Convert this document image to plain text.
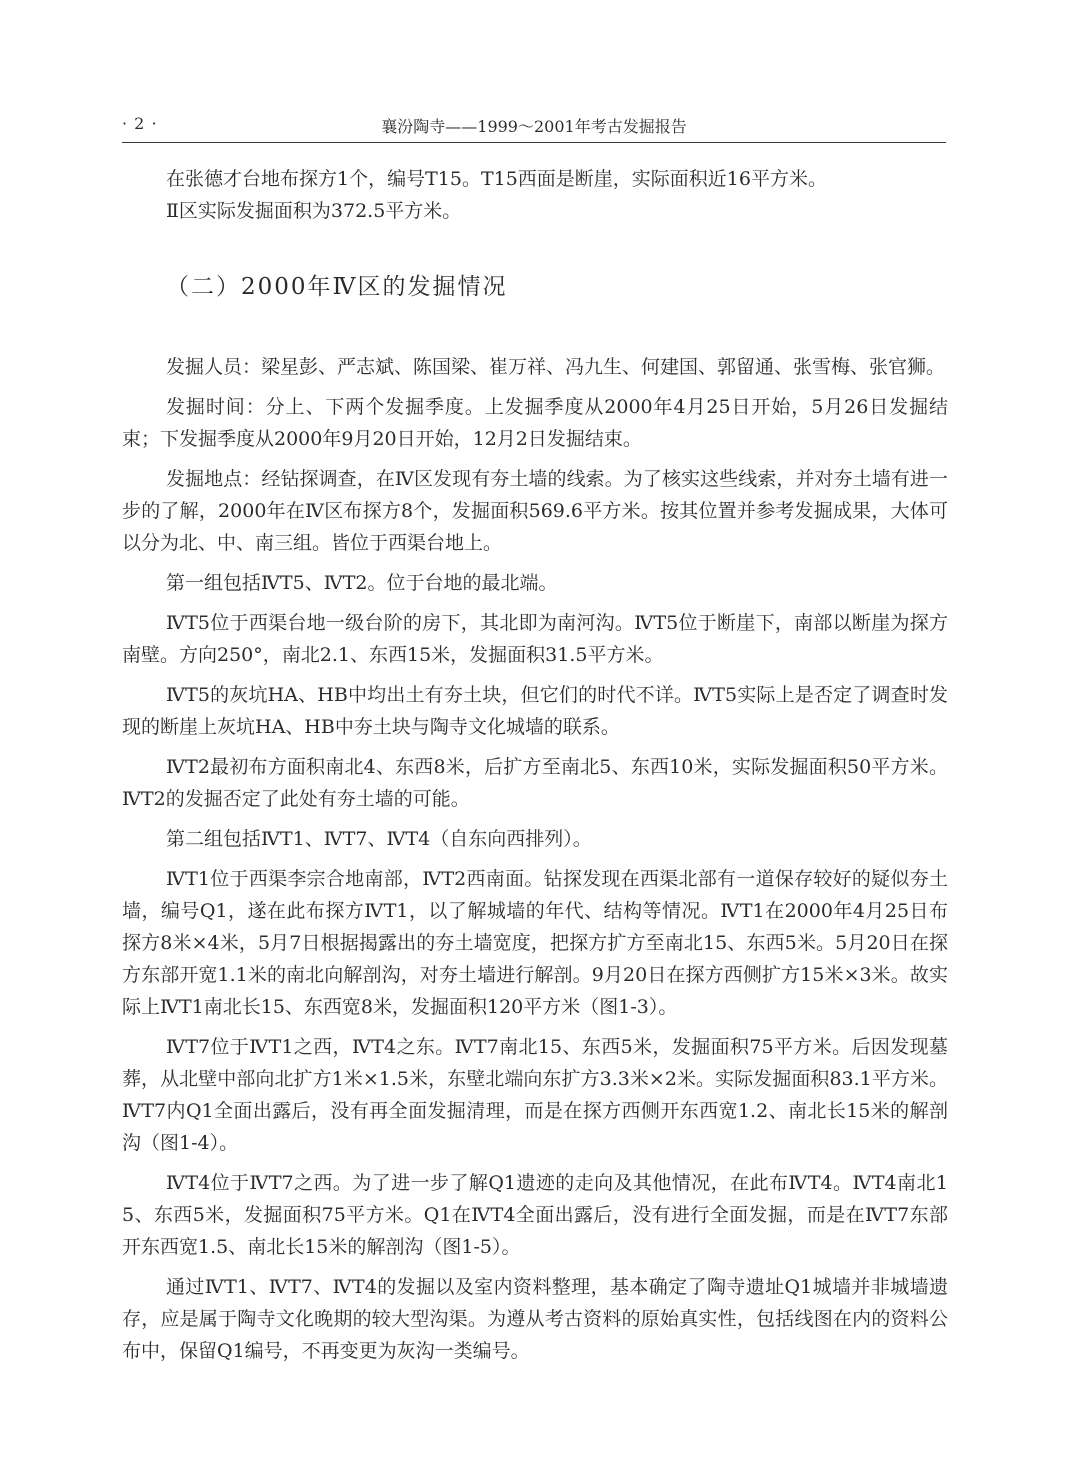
· 2 ·	襄汾陶寺——1999～2001年考古发掘报告

在张德才台地布探方1个，编号T15。T15西面是断崖，实际面积近16平方米。

Ⅱ区实际发掘面积为372.5平方米。

（二）2000年Ⅳ区的发掘情况

发掘人员：梁星彭、严志斌、陈国梁、崔万祥、冯九生、何建国、郭留通、张雪梅、张官狮。

发掘时间：分上、下两个发掘季度。上发掘季度从2000年4月25日开始，5月26日发掘结束；下发掘季度从2000年9月20日开始，12月2日发掘结束。

发掘地点：经钻探调查，在Ⅳ区发现有夯土墙的线索。为了核实这些线索，并对夯土墙有进一步的了解，2000年在Ⅳ区布探方8个，发掘面积569.6平方米。按其位置并参考发掘成果，大体可以分为北、中、南三组。皆位于西渠台地上。

第一组包括ⅣT5、ⅣT2。位于台地的最北端。

ⅣT5位于西渠台地一级台阶的房下，其北即为南河沟。ⅣT5位于断崖下，南部以断崖为探方南壁。方向250°，南北2.1、东西15米，发掘面积31.5平方米。

ⅣT5的灰坑HA、HB中均出土有夯土块，但它们的时代不详。ⅣT5实际上是否定了调查时发现的断崖上灰坑HA、HB中夯土块与陶寺文化城墙的联系。

ⅣT2最初布方面积南北4、东西8米，后扩方至南北5、东西10米，实际发掘面积50平方米。ⅣT2的发掘否定了此处有夯土墙的可能。

第二组包括ⅣT1、ⅣT7、ⅣT4（自东向西排列）。

ⅣT1位于西渠李宗合地南部，ⅣT2西南面。钻探发现在西渠北部有一道保存较好的疑似夯土墙，编号Q1，遂在此布探方ⅣT1，以了解城墙的年代、结构等情况。ⅣT1在2000年4月25日布探方8米×4米，5月7日根据揭露出的夯土墙宽度，把探方扩方至南北15、东西5米。5月20日在探方东部开宽1.1米的南北向解剖沟，对夯土墙进行解剖。9月20日在探方西侧扩方15米×3米。故实际上ⅣT1南北长15、东西宽8米，发掘面积120平方米（图1-3）。

ⅣT7位于ⅣT1之西，ⅣT4之东。ⅣT7南北15、东西5米，发掘面积75平方米。后因发现墓葬，从北壁中部向北扩方1米×1.5米，东壁北端向东扩方3.3米×2米。实际发掘面积83.1平方米。ⅣT7内Q1全面出露后，没有再全面发掘清理，而是在探方西侧开东西宽1.2、南北长15米的解剖沟（图1-4）。

ⅣT4位于ⅣT7之西。为了进一步了解Q1遗迹的走向及其他情况，在此布ⅣT4。ⅣT4南北15、东西5米，发掘面积75平方米。Q1在ⅣT4全面出露后，没有进行全面发掘，而是在ⅣT7东部开东西宽1.5、南北长15米的解剖沟（图1-5）。

通过ⅣT1、ⅣT7、ⅣT4的发掘以及室内资料整理，基本确定了陶寺遗址Q1城墙并非城墙遗存，应是属于陶寺文化晚期的较大型沟渠。为遵从考古资料的原始真实性，包括线图在内的资料公布中，保留Q1编号，不再变更为灰沟一类编号。
